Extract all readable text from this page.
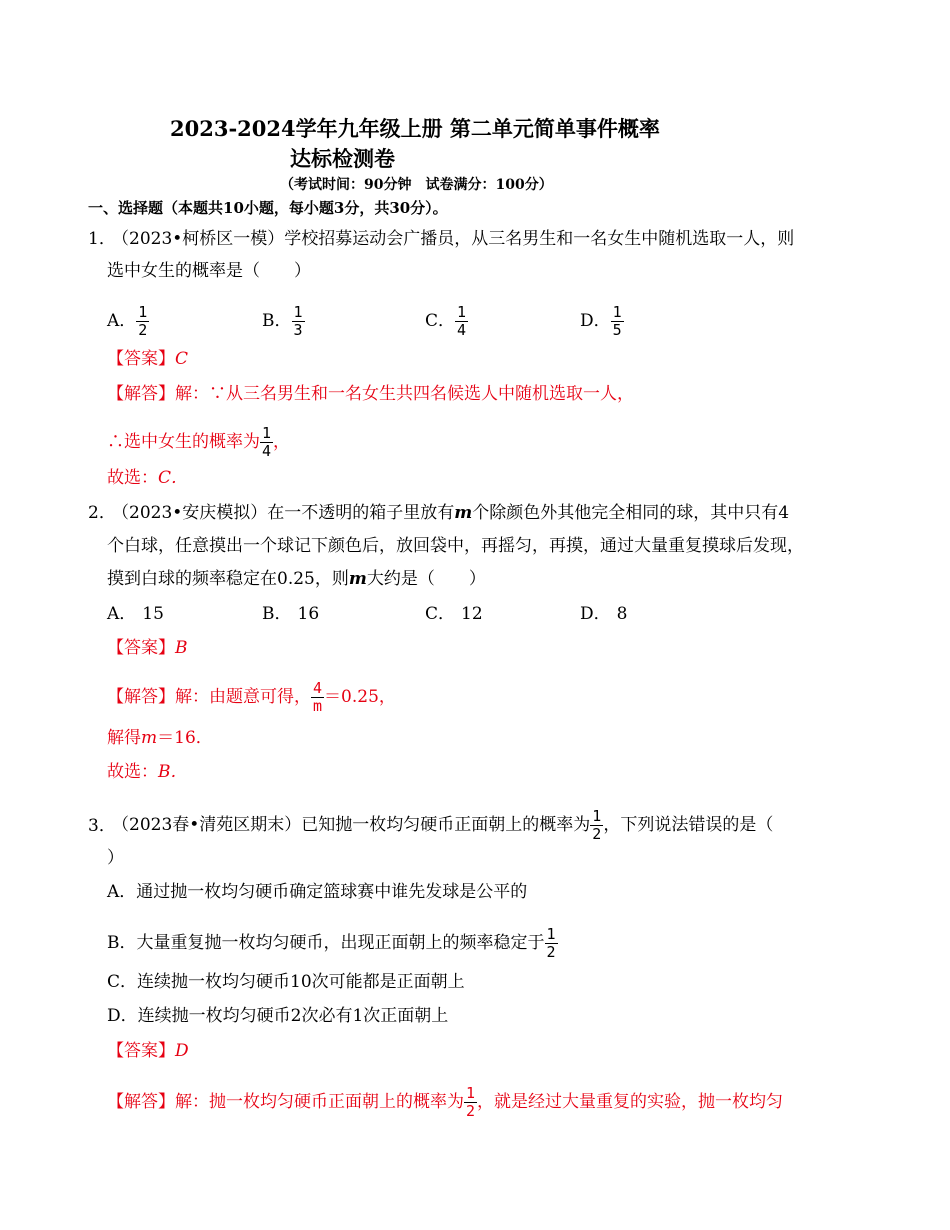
2023-2024学年九年级上册 第二单元简单事件概率
达标检测卷
（考试时间：90分钟　试卷满分：100分）
一、选择题（本题共10小题，每小题3分，共30分）。
1．
（2023•柯桥区一模）学校招募运动会广播员，从三名男生和一名女生中随机选取一人，则
选中女生的概率是（　　）
A． $\frac{1}{2}$	B． $\frac{1}{3}$	C． $\frac{1}{4}$	D． $\frac{1}{5}$
【答案】C
【解答】解：∵从三名男生和一名女生共四名候选人中随机选取一人，
∴选中女生的概率为 $\frac{1}{4}$ ，
故选：C．
2．
（2023•安庆模拟）在一不透明的箱子里放有m个除颜色外其他完全相同的球，其中只有4
个白球，任意摸出一个球记下颜色后，放回袋中，再摇匀，再摸，通过大量重复摸球后发现，
摸到白球的频率稳定在0.25，则m大约是（　　）
A． 15	B． 16	C． 12	D． 8
【答案】B
【解答】解：由题意可得， $\frac{4}{m} =0.25$，
解得m＝16．
故选：B．
3．
（2023春•清苑区期末）已知抛一枚均匀硬币正面朝上的概率为 $\frac{1}{2}$ ，下列说法错误的是（
）
A．通过抛一枚均匀硬币确定篮球赛中谁先发球是公平的
B．大量重复抛一枚均匀硬币，出现正面朝上的频率稳定于 $\frac{1}{2}$
C．连续抛一枚均匀硬币10次可能都是正面朝上
D．连续抛一枚均匀硬币2次必有1次正面朝上
【答案】D
【解答】解：抛一枚均匀硬币正面朝上的概率为 $\frac{1}{2}$ ，就是经过大量重复的实验，抛一枚均匀
